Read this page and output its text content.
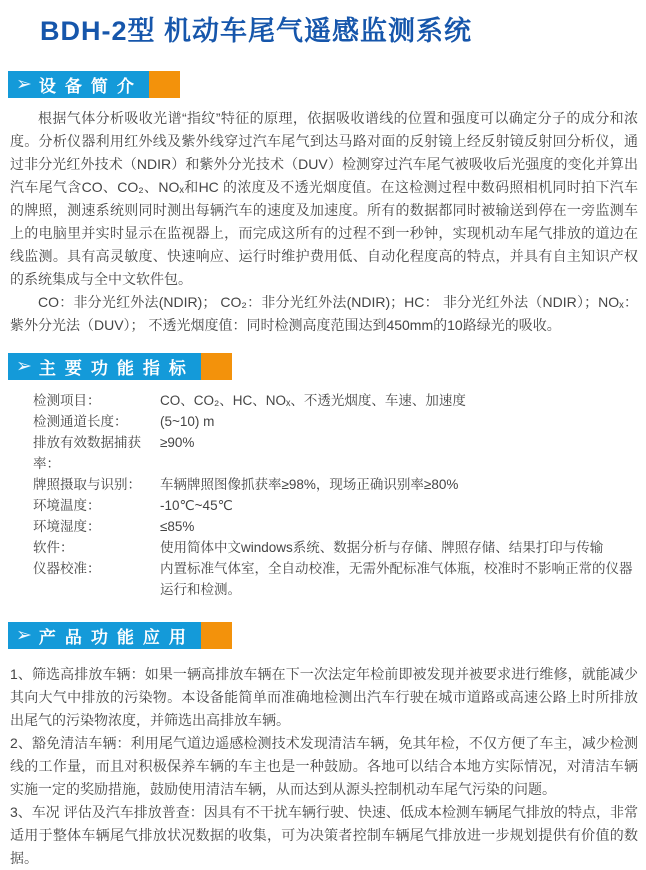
BDH-2型 机动车尾气遥感监测系统
➢ 设备简介

根据气体分析吸收光谱“指纹”特征的原理，依据吸收谱线的位置和强度可以确定分子的成分和浓度。分析仪器利用红外线及紫外线穿过汽车尾气到达马路对面的反射镜上经反射镜反射回分析仪，通过非分光红外技术（NDIR）和紫外分光技术（DUV）检测穿过汽车尾气被吸收后光强度的变化并算出汽车尾气含CO、CO₂、NOₓ和HC 的浓度及不透光烟度值。在这检测过程中数码照相机同时拍下汽车的牌照，测速系统则同时测出每辆汽车的速度及加速度。所有的数据都同时被输送到停在一旁监测车上的电脑里并实时显示在监视器上，而完成这所有的过程不到一秒钟，实现机动车尾气排放的道边在线监测。具有高灵敏度、快速响应、运行时维护费用低、自动化程度高的特点，并具有自主知识产权的系统集成与全中文软件包。

CO：非分光红外法(NDIR)； CO₂：非分光红外法(NDIR)；HC： 非分光红外法（NDIR）；NOₓ： 紫外分光法（DUV）； 不透光烟度值：同时检测高度范围达到450mm的10路绿光的吸收。

➢ 主要功能指标
检测项目：	CO、CO₂、HC、NOₓ、不透光烟度、车速、加速度
检测通道长度：	(5~10) m
排放有效数据捕获率：
≥90%
牌照摄取与识别：	车辆牌照图像抓获率≥98%，现场正确识别率≥80%
环境温度：	-10℃~45℃
环境湿度：	≤85%
软件：	使用简体中文windows系统、数据分析与存储、牌照存储、结果打印与传输
仪器校准：	内置标准气体室，全自动校准，无需外配标准气体瓶，校准时不影响正常的仪器运行和检测。
➢ 产品功能应用

1、筛选高排放车辆：如果一辆高排放车辆在下一次法定年检前即被发现并被要求进行维修，就能减少其向大气中排放的污染物。本设备能简单而准确地检测出汽车行驶在城市道路或高速公路上时所排放出尾气的污染物浓度，并筛选出高排放车辆。

2、豁免清洁车辆：利用尾气道边遥感检测技术发现清洁车辆，免其年检，不仅方便了车主，减少检测线的工作量，而且对积极保养车辆的车主也是一种鼓励。各地可以结合本地方实际情况，对清洁车辆实施一定的奖励措施，鼓励使用清洁车辆，从而达到从源头控制机动车尾气污染的问题。

3、车况 评估及汽车排放普查：因具有不干扰车辆行驶、快速、低成本检测车辆尾气排放的特点，非常适用于整体车辆尾气排放状况数据的收集，可为决策者控制车辆尾气排放进一步规划提供有价值的数据。
